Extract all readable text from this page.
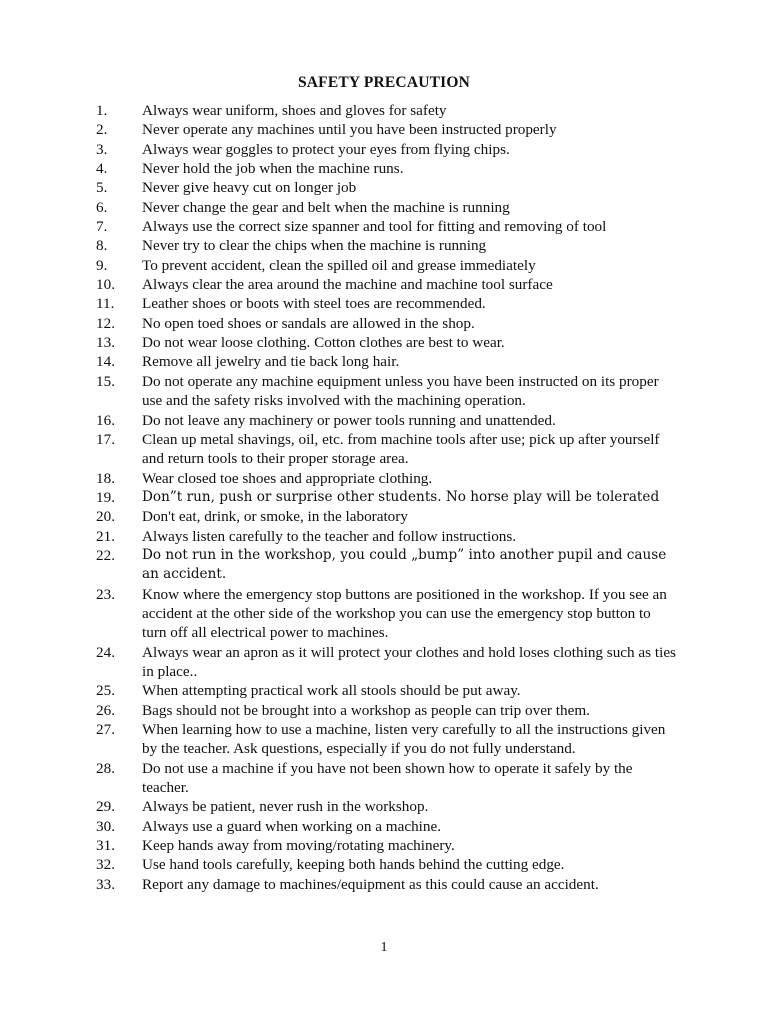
SAFETY PRECAUTION
1. Always wear uniform, shoes and gloves for safety
2. Never operate any machines until you have been instructed properly
3. Always wear goggles to protect your eyes from flying chips.
4. Never hold the job when the machine runs.
5. Never give heavy cut on longer job
6. Never change the gear and belt when the machine is running
7. Always use the correct size spanner and tool for fitting and removing of tool
8. Never try to clear the chips when the machine is running
9. To prevent accident, clean the spilled oil and grease immediately
10. Always clear the area around the machine and machine tool surface
11. Leather shoes or boots with steel toes are recommended.
12. No open toed shoes or sandals are allowed in the shop.
13. Do not wear loose clothing. Cotton clothes are best to wear.
14. Remove all jewelry and tie back long hair.
15. Do not operate any machine equipment unless you have been instructed on its proper use and the safety risks involved with the machining operation.
16. Do not leave any machinery or power tools running and unattended.
17. Clean up metal shavings, oil, etc. from machine tools after use; pick up after yourself and return tools to their proper storage area.
18. Wear closed toe shoes and appropriate clothing.
19. Don”t run, push or surprise other students. No horse play will be tolerated
20. Don't eat, drink, or smoke, in the laboratory
21. Always listen carefully to the teacher and follow instructions.
22. Do not run in the workshop, you could „bump” into another pupil and cause an accident.
23. Know where the emergency stop buttons are positioned in the workshop. If you see an accident at the other side of the workshop you can use the emergency stop button to turn off all electrical power to machines.
24. Always wear an apron as it will protect your clothes and hold loses clothing such as ties in place..
25. When attempting practical work all stools should be put away.
26. Bags should not be brought into a workshop as people can trip over them.
27. When learning how to use a machine, listen very carefully to all the instructions given by the teacher. Ask questions, especially if you do not fully understand.
28. Do not use a machine if you have not been shown how to operate it safely by the teacher.
29. Always be patient, never rush in the workshop.
30. Always use a guard when working on a machine.
31. Keep hands away from moving/rotating machinery.
32. Use hand tools carefully, keeping both hands behind the cutting edge.
33. Report any damage to machines/equipment as this could cause an accident.
1
